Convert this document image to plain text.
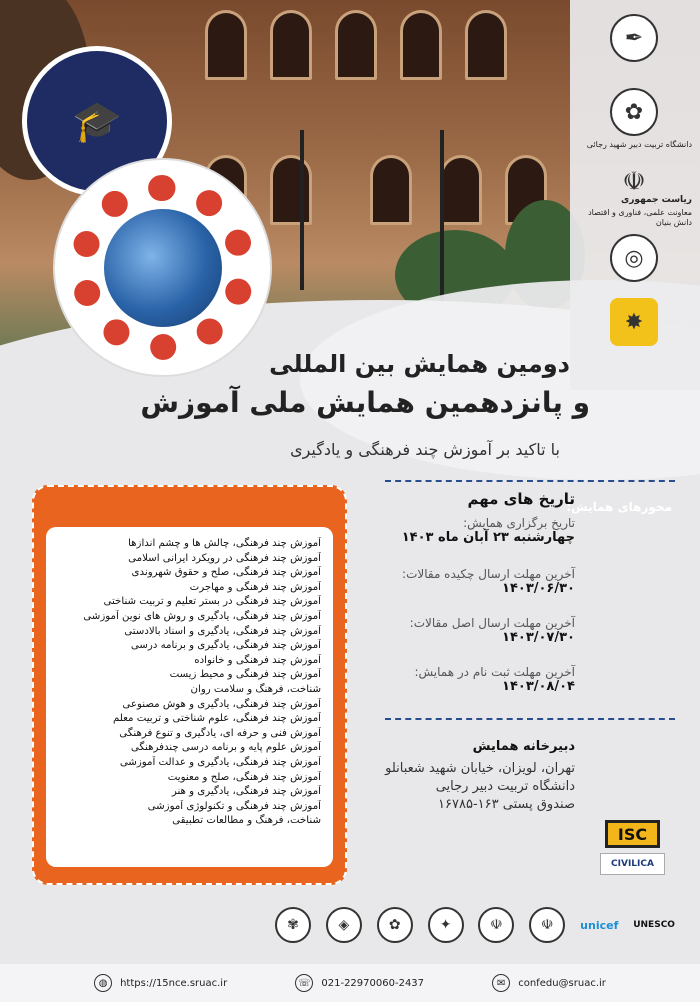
✒
✿
دانشگاه تربیت دبیر شهید رجائی
☫
ریاست جمهوری
معاونت علمی، فناوری و اقتصاد دانش بنیان
◎
✸
🎓
دومین همایش بین المللی
و پانزدهمین همایش ملی آموزش
با تاکید بر آموزش چند فرهنگی و یادگیری
آموزش چند فرهنگی، چالش ها و چشم اندازها
آموزش چند فرهنگی در رویکرد ایرانی اسلامی
آموزش چند فرهنگی، صلح و حقوق شهروندی
آموزش چند فرهنگی و مهاجرت
آموزش چند فرهنگی در بستر تعلیم و تربیت شناختی
آموزش چند فرهنگی، یادگیری و روش های نوین آموزشی
آموزش چند فرهنگی، یادگیری و اسناد بالادستی
آموزش چند فرهنگی، یادگیری و برنامه درسی
آموزش چند فرهنگی و خانواده
آموزش چند فرهنگی و محیط زیست
شناخت، فرهنگ و سلامت روان
آموزش چند فرهنگی، یادگیری و هوش مصنوعی
آموزش چند فرهنگی، علوم شناختی و تربیت معلم
آموزش فنی و حرفه ای، یادگیری و تنوع فرهنگی
آموزش علوم پایه و برنامه درسی چندفرهنگی
آموزش چند فرهنگی، یادگیری و عدالت آموزشی
آموزش چند فرهنگی، صلح و معنویت
آموزش چند فرهنگی، یادگیری و هنر
آموزش چند فرهنگی و تکنولوژی آموزشی
شناخت، فرهنگ و مطالعات تطبیقی
محورهای همایش:
تاریخ های مهم
تاریخ برگزاری همایش:
چهارشنبه ۲۳ آبان ماه ۱۴۰۳
آخرین مهلت ارسال چکیده مقالات:
۱۴۰۳/۰۶/۳۰
آخرین مهلت ارسال اصل مقالات:
۱۴۰۳/۰۷/۳۰
آخرین مهلت ثبت نام در همایش:
۱۴۰۳/۰۸/۰۴
دبیرخانه همایش
تهران، لویزان، خیابان شهید شعبانلو
دانشگاه تربیت دبیر رجایی
صندوق پستی ۱۶۳-۱۶۷۸۵
ISC
CIVILICA
✾	◈	✿	✦	☫	☫	unicef UNESCO
◍	https://15nce.sruac.ir	☏ 021-22970060-2437	✉	confedu@sruac.ir
